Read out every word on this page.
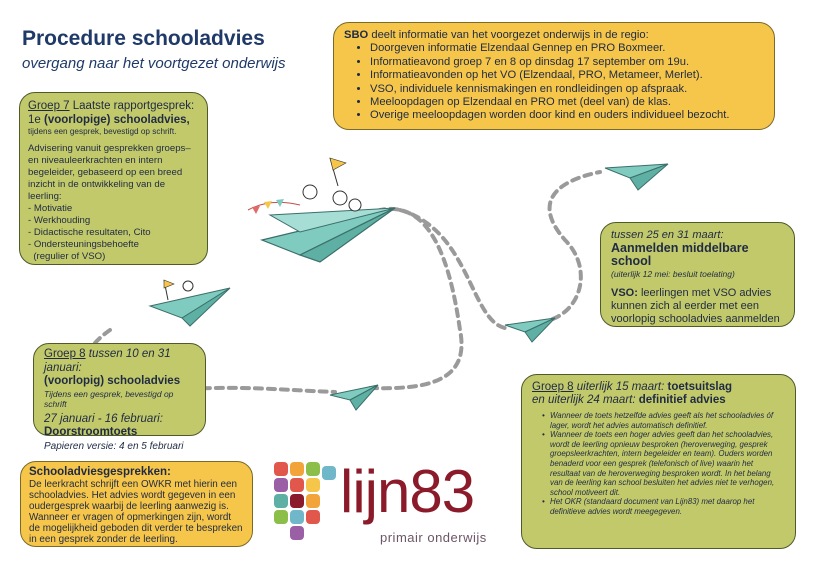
Procedure schooladvies
overgang naar het voortgezet onderwijs
SBO deelt informatie van het voorgezet onderwijs in de regio:
• Doorgeven informatie Elzendaal Gennep en PRO Boxmeer.
• Informatieavond groep 7 en 8 op dinsdag 17 september om 19u.
• Informatieavonden op het VO (Elzendaal, PRO, Metameer, Merlet).
• VSO, individuele kennismakingen en rondleidingen op afspraak.
• Meeloopdagen op Elzendaal en PRO met (deel van) de klas.
• Overige meeloopdagen worden door kind en ouders individueel bezocht.
Groep 7 Laatste rapportgesprek:
1e (voorlopige) schooladvies,
tijdens een gesprek, bevestigd op schrift.
Advisering vanuit gesprekken groeps– en niveauleerkrachten en intern begeleider, gebaseerd op een breed inzicht in de ontwikkeling van de leerling:
- Motivatie
- Werkhouding
- Didactische resultaten, Cito
- Ondersteuningsbehoefte
(regulier of VSO)
tussen 25 en 31 maart:
Aanmelden middelbare school
(uiterlijk 12 mei: besluit toelating)
VSO: leerlingen met VSO advies kunnen zich al eerder met een voorlopig schooladvies aanmelden
Groep 8 tussen 10 en 31 januari:
(voorlopig) schooladvies
Tijdens een gesprek, bevestigd op schrift
27 januari - 16 februari:
Doorstroomtoets
Papieren versie: 4 en 5 februari
Groep 8 uiterlijk 15 maart: toetsuitslag
en uiterlijk 24 maart: definitief advies
• Wanneer de toets hetzelfde advies geeft als het schooladvies óf lager, wordt het advies automatisch definitief.
• Wanneer de toets een hoger advies geeft dan het schooladvies, wordt de leerling opnieuw besproken (heroverweging, gesprek groepsleerkrachten, intern begeleider en team). Ouders worden benaderd voor een gesprek (telefonisch of live) waarin het resultaat van de heroverweging besproken wordt. In het belang van de leerling kan school besluiten het advies niet te verhogen, school motiveert dit.
• Het OKR (standaard document van Lijn83) met daarop het definitieve advies wordt meegegeven.
Schooladviesgesprekken:
De leerkracht schrijft een OWKR met hierin een schooladvies. Het advies wordt gegeven in een oudergesprek waarbij de leerling aanwezig is. Wanneer er vragen of opmerkingen zijn, wordt de mogelijkheid geboden dit verder te bespreken in een gesprek zonder de leerling.
lijn83
primair onderwijs
